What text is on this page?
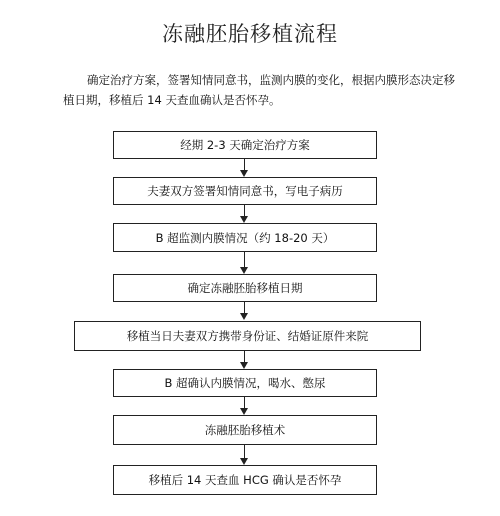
冻融胚胎移植流程
确定治疗方案，签署知情同意书，监测内膜的变化，根据内膜形态决定移植日期，移植后 14 天查血确认是否怀孕。
经期 2-3 天确定治疗方案
夫妻双方签署知情同意书，写电子病历
B 超监测内膜情况（约 18-20 天）
确定冻融胚胎移植日期
移植当日夫妻双方携带身份证、结婚证原件来院
B 超确认内膜情况，喝水、憋尿
冻融胚胎移植术
移植后 14 天查血 HCG 确认是否怀孕
